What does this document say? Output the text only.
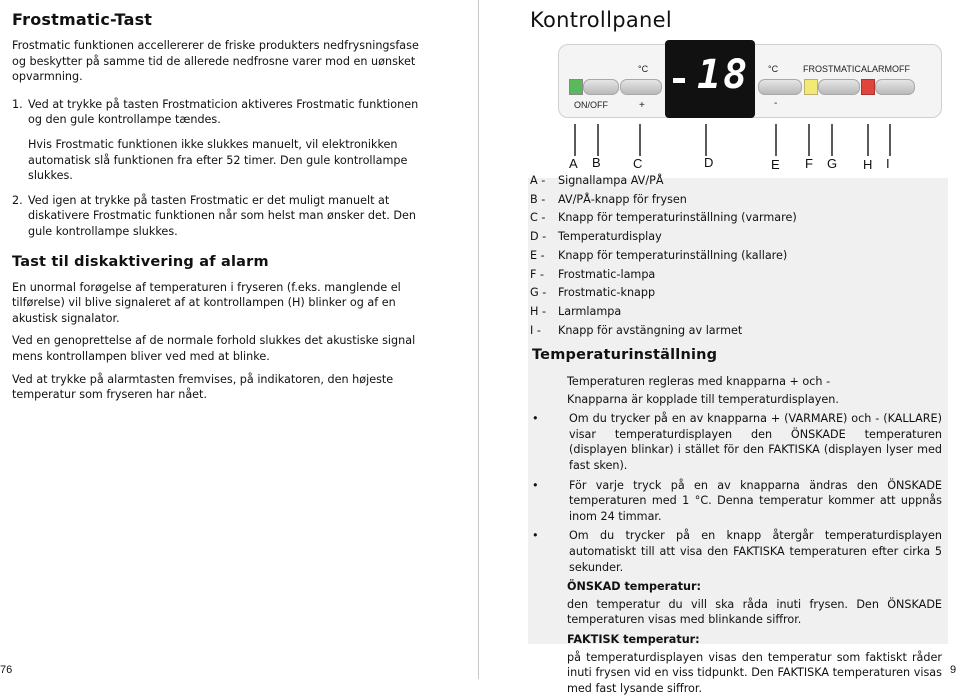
Frostmatic-Tast

Frostmatic funktionen accellererer de friske produkters nedfrysningsfase og beskytter på samme tid de allerede nedfrosne varer mod en uønsket opvarmning.

1. Ved at trykke på tasten Frostmaticion aktiveres Frostmatic funktionen og den gule kontrollampe tændes.
Hvis Frostmatic funktionen ikke slukkes manuelt, vil elektronikken automatisk slå funktionen fra efter 52 timer. Den gule kontrollampe slukkes.
2. Ved igen at trykke på tasten Frostmatic er det muligt manuelt at diskativere Frostmatic funktionen når som helst man ønsker det. Den gule kontrollampe slukkes.
Tast til diskaktivering af alarm

En unormal forøgelse af temperaturen i fryseren (f.eks. manglende el tilførelse) vil blive signaleret af at kontrollampen (H) blinker og af en akustisk signalator.

Ved en genoprettelse af de normale forhold slukkes det akustiske signal mens kontrollampen bliver ved med at blinke.

Ved at trykke på alarmtasten fremvises, på indikatoren, den højeste temperatur som fryseren har nået.

76
Kontrollpanel
ON/OFF
°C
+
18 °C
-
FROSTMATIC ALARMOFF
A B C	D	E F G H I
A -	Signallampa AV/PÅ
B -	AV/PÅ-knapp för frysen
C -	Knapp för temperaturinställning (varmare)
D -	Temperaturdisplay
E -	Knapp för temperaturinställning (kallare)
F -	Frostmatic-lampa
G -	Frostmatic-knapp
H -	Larmlampa
I -	Knapp för avstängning av larmet
Temperaturinställning
Temperaturen regleras med knapparna + och -
Knapparna är kopplade till temperaturdisplayen.
•	Om du trycker på en av knapparna + (VARMARE) och - (KALLARE) visar temperaturdisplayen den ÖNSKADE temperaturen (displayen blinkar) i stället för den FAKTISKA (displayen lyser med fast sken).
•	För varje tryck på en av knapparna ändras den ÖNSKADE temperaturen med 1 °C. Denna temperatur kommer att uppnås inom 24 timmar.
•	Om du trycker på en knapp återgår temperaturdisplayen automatiskt till att visa den FAKTISKA temperaturen efter cirka 5 sekunder.
ÖNSKAD temperatur:
den temperatur du vill ska råda inuti frysen. Den ÖNSKADE temperaturen visas med blinkande siffror.
FAKTISK temperatur:
på temperaturdisplayen visas den temperatur som faktiskt råder inuti frysen vid en viss tidpunkt. Den FAKTISKA temperaturen visas med fast lysande siffror.
9
